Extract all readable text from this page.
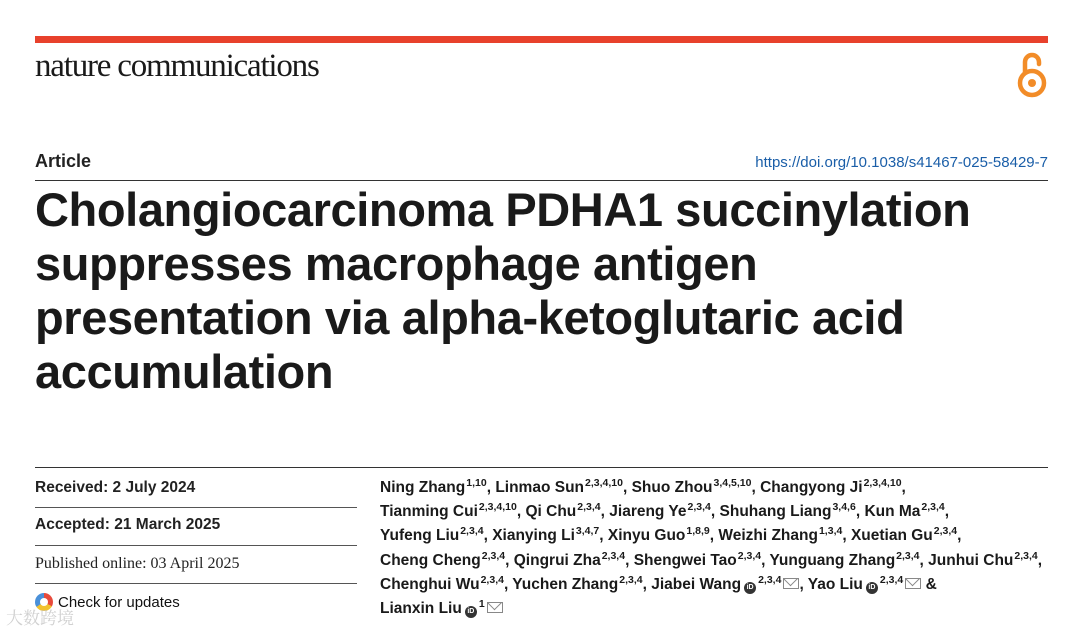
nature communications
Article	https://doi.org/10.1038/s41467-025-58429-7
Cholangiocarcinoma PDHA1 succinylation suppresses macrophage antigen presentation via alpha-ketoglutaric acid accumulation
Received: 2 July 2024
Accepted: 21 March 2025
Published online: 03 April 2025
Check for updates

Ning Zhang$^{1,10}$, Linmao Sun$^{2,3,4,10}$, Shuo Zhou$^{3,4,5,10}$, Changyong Ji$^{2,3,4,10}$, Tianming Cui$^{2,3,4,10}$, Qi Chu$^{2,3,4}$, Jiareng Ye$^{2,3,4}$, Shuhang Liang$^{3,4,6}$, Kun Ma$^{2,3,4}$, Yufeng Liu$^{2,3,4}$, Xianying Li$^{3,4,7}$, Xinyu Guo$^{1,8,9}$, Weizhi Zhang$^{1,3,4}$, Xuetian Gu$^{2,3,4}$, Cheng Cheng$^{2,3,4}$, Qingrui Zha$^{2,3,4}$, Shengwei Tao$^{2,3,4}$, Yunguang Zhang$^{2,3,4}$, Junhui Chu$^{2,3,4}$, Chenghui Wu$^{2,3,4}$, Yuchen Zhang$^{2,3,4}$, Jiabei Wang iD$^{2,3,4}$ , Yao Liu iD$^{2,3,4}$ & Lianxin Liu $iD^1$

大数跨境
